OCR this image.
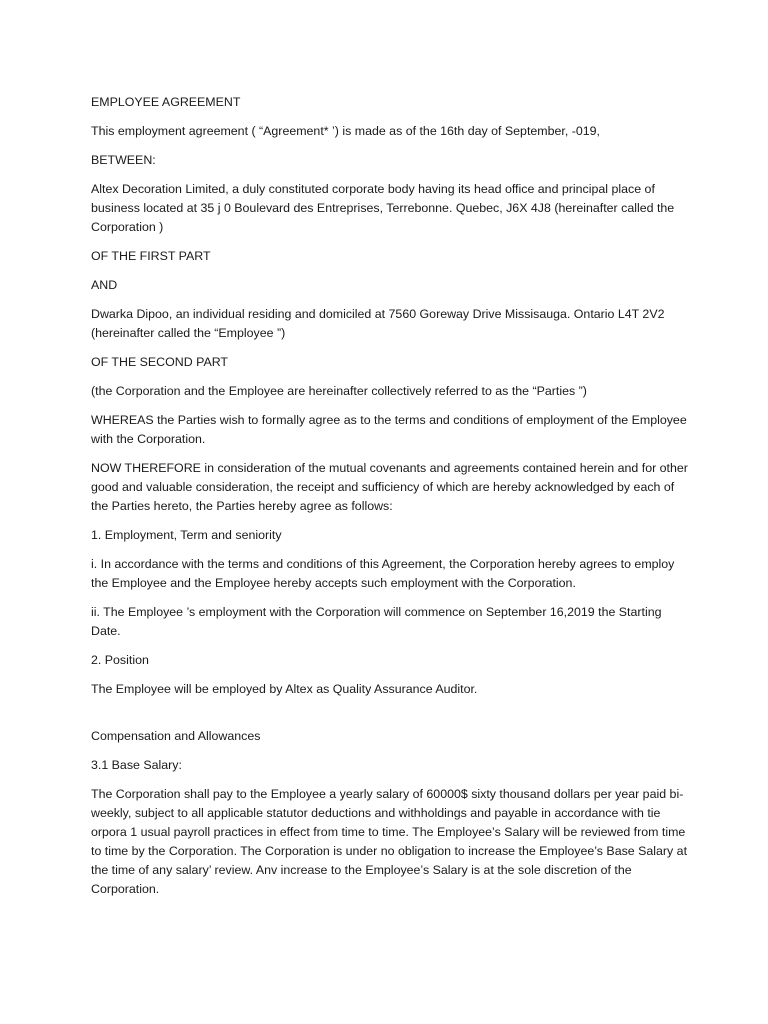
EMPLOYEE AGREEMENT

This employment agreement ( “Agreement* ’) is made as of the 16th day of September, -019,

BETWEEN:

Altex Decoration Limited, a duly constituted corporate body having its head office and principal place of business located at 35 j 0 Boulevard des Entreprises, Terrebonne. Quebec, J6X 4J8 (hereinafter called the Corporation )

OF THE FIRST PART

AND

Dwarka Dipoo, an individual residing and domiciled at 7560 Goreway Drive Missisauga. Ontario L4T 2V2 (hereinafter called the “Employee ”)

OF THE SECOND PART

(the Corporation and the Employee are hereinafter collectively referred to as the “Parties ”)

WHEREAS the Parties wish to formally agree as to the terms and conditions of employment of the Employee with the Corporation.

NOW THEREFORE in consideration of the mutual covenants and agreements contained herein and for other good and valuable consideration, the receipt and sufficiency of which are hereby acknowledged by each of the Parties hereto, the Parties hereby agree as follows:

1. Employment, Term and seniority

i. In accordance with the terms and conditions of this Agreement, the Corporation hereby agrees to employ the Employee and the Employee hereby accepts such employment with the Corporation.

ii. The Employee ’s employment with the Corporation will commence on September 16,2019 the Starting Date.

2. Position

The Employee will be employed by Altex as Quality Assurance Auditor.

Compensation and Allowances

3.1 Base Salary:

The Corporation shall pay to the Employee a yearly salary of 60000$ sixty thousand dollars per year paid bi-weekly, subject to all applicable statutor deductions and withholdings and payable in accordance with tie orpora 1 usual payroll practices in effect from time to time. The Employee’s Salary will be reviewed from time to time by the Corporation. The Corporation is under no obligation to increase the Employee’s Base Salary at the time of any salary’ review. Anv increase to the Employee’s Salary is at the sole discretion of the Corporation.
